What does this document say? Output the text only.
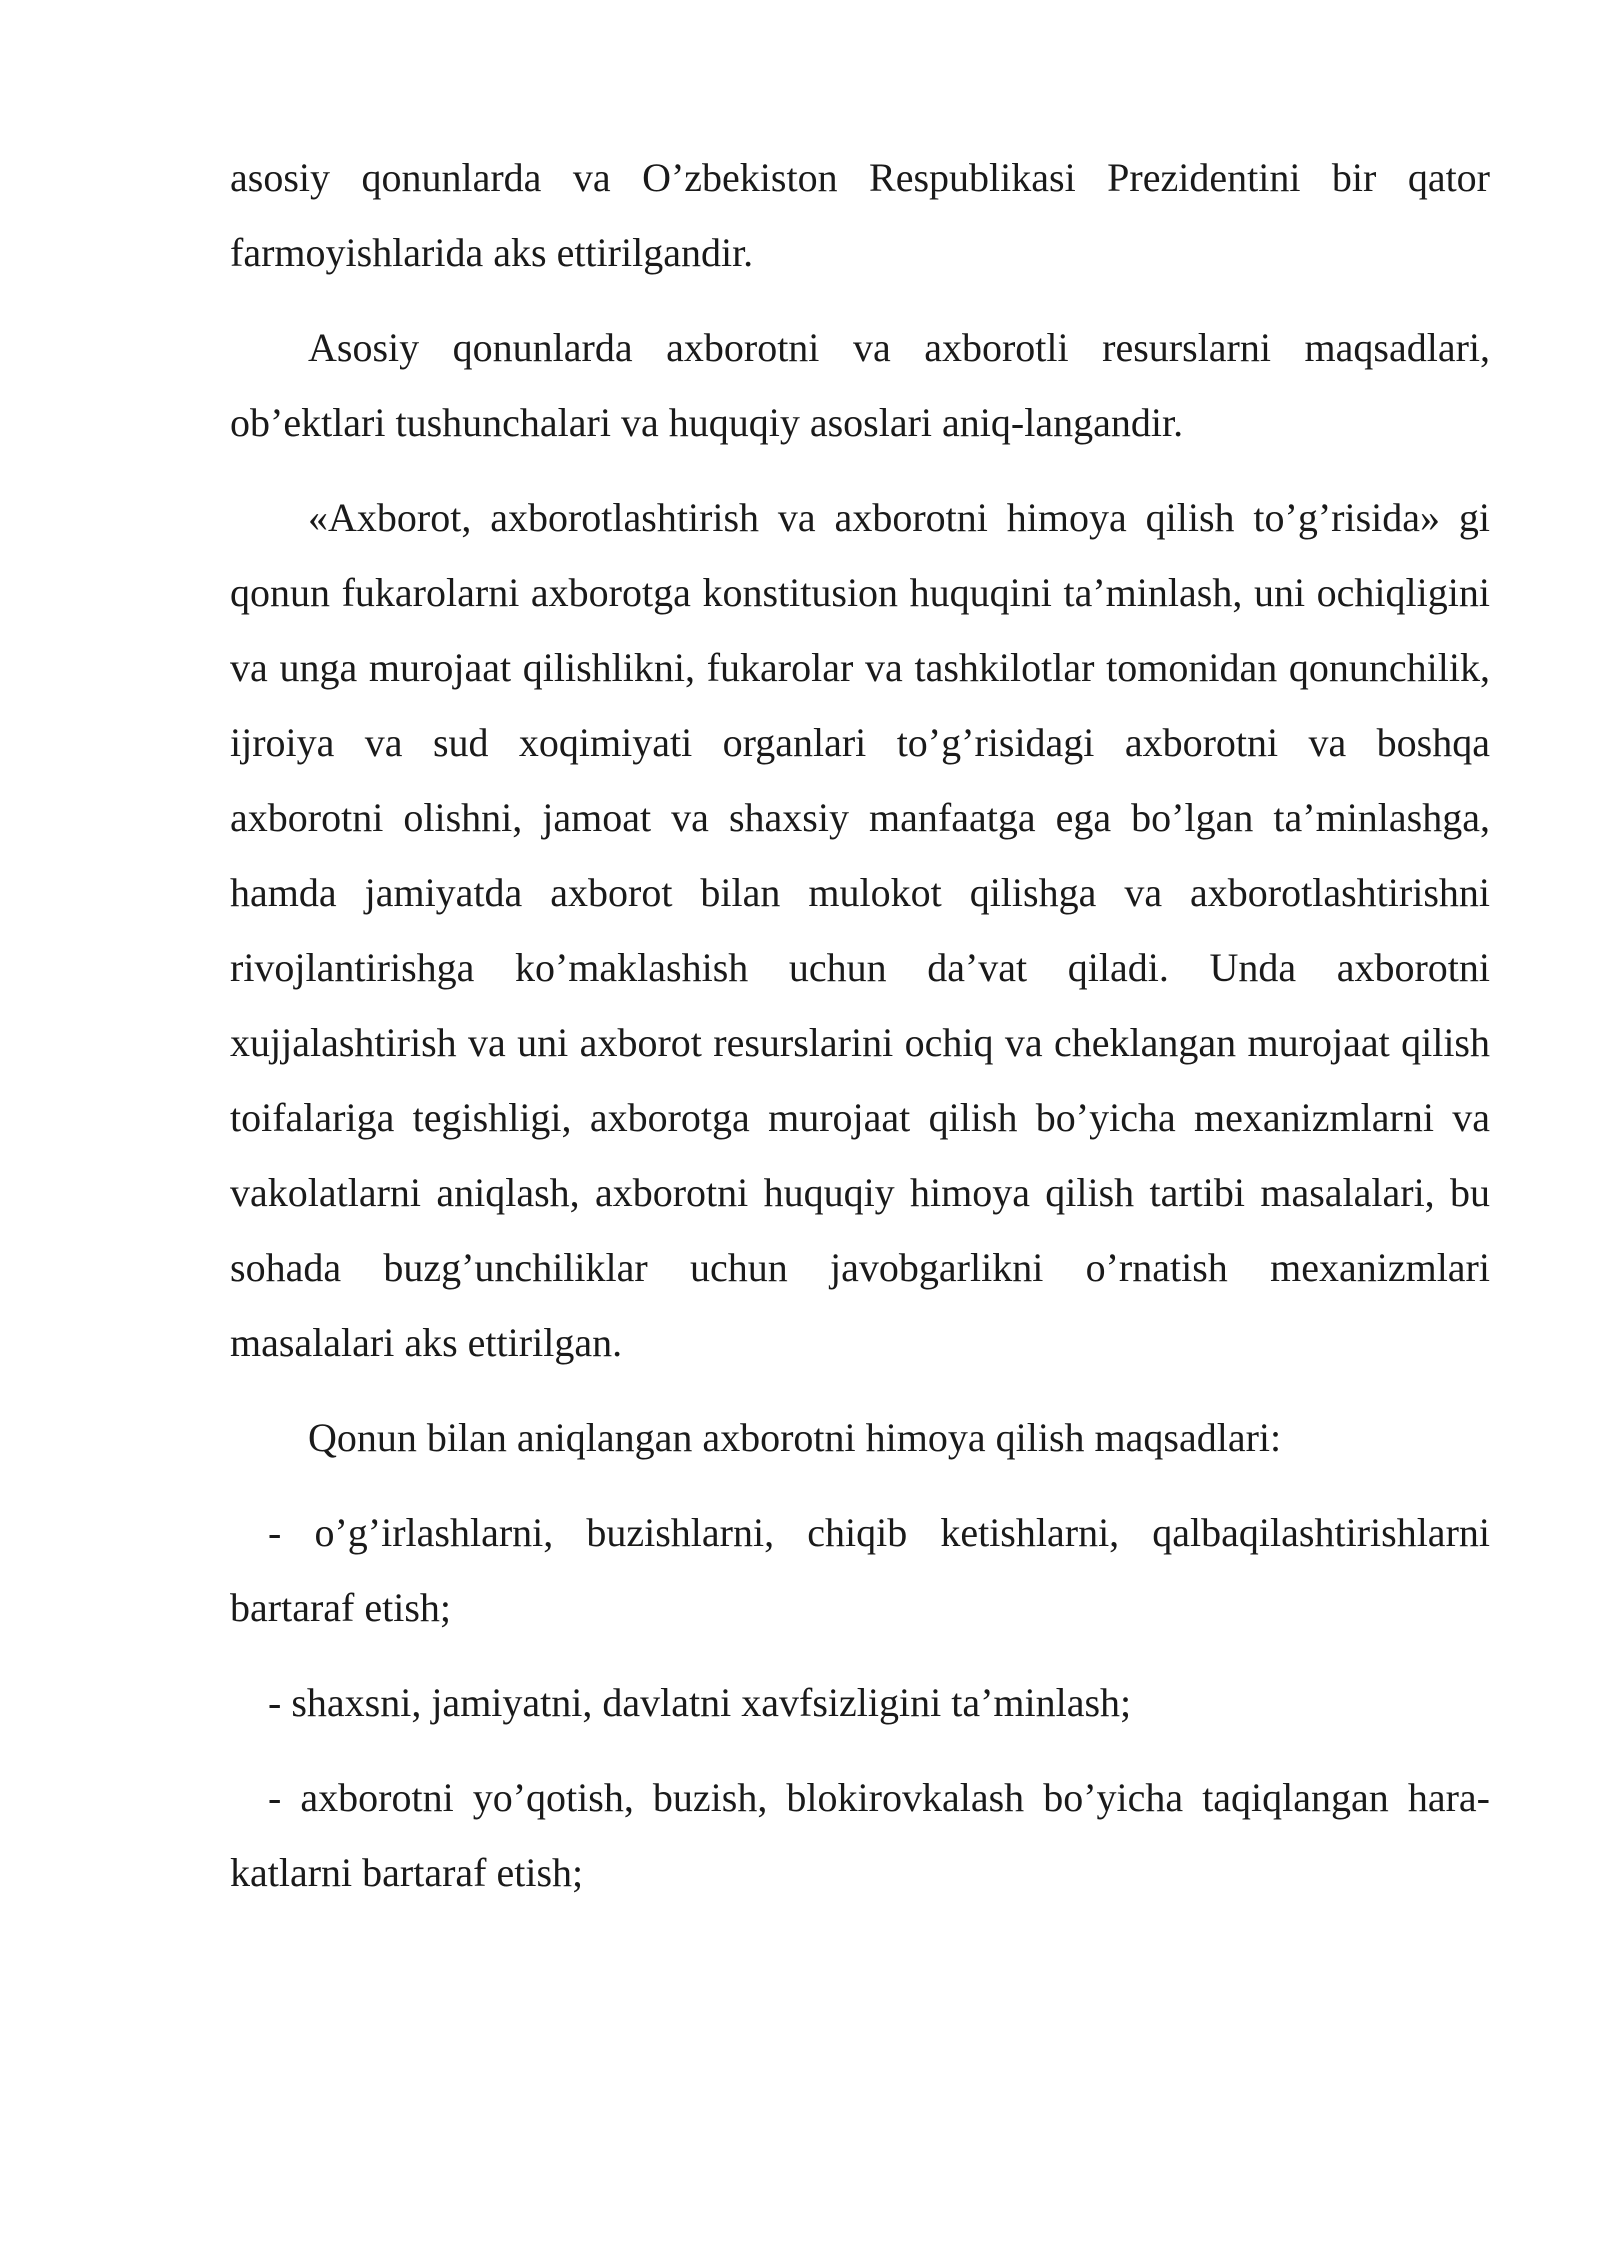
asosiy qonunlarda va O’zbekiston Respublikasi Prezidentini bir qator farmoyishlarida aks ettirilgandir.

Asosiy qonunlarda axborotni va axborotli resurslarni maqsadlari, ob’ektlari tushunchalari va huquqiy asoslari aniq-langandir.

«Axborot, axborotlashtirish va axborotni himoya qilish to’g’risida» gi qonun fukarolarni axborotga konstitusion huquqini ta’minlash, uni ochiqligini va unga murojaat qilishlikni, fukarolar va tashkilotlar tomonidan qonunchilik, ijroiya va sud xoqimiyati organlari to’g’risidagi axborotni va boshqa axborotni olishni, jamoat va shaxsiy manfaatga ega bo’lgan ta’minlashga, hamda jamiyatda axborot bilan mulokot qilishga va axborotlashtirishni rivojlantirishga ko’maklashish uchun da’vat qiladi. Unda axborotni xujjalashtirish va uni axborot resurslarini ochiq va cheklangan murojaat qilish toifalariga tegishligi, axborotga murojaat qilish bo’yicha mexanizmlarni va vakolatlarni aniqlash, axborotni huquqiy himoya qilish tartibi masalalari, bu sohada buzg’unchiliklar uchun javobgarlikni o’rnatish mexanizmlari masalalari aks ettirilgan.

Qonun bilan aniqlangan axborotni himoya qilish maqsadlari:

- o’g’irlashlarni, buzishlarni, chiqib ketishlarni, qalbaqilashtirishlarni bartaraf etish;

- shaxsni, jamiyatni, davlatni xavfsizligini ta’minlash;

- axborotni yo’qotish, buzish, blokirovkalash bo’yicha taqiqlangan hara-katlarni bartaraf etish;
